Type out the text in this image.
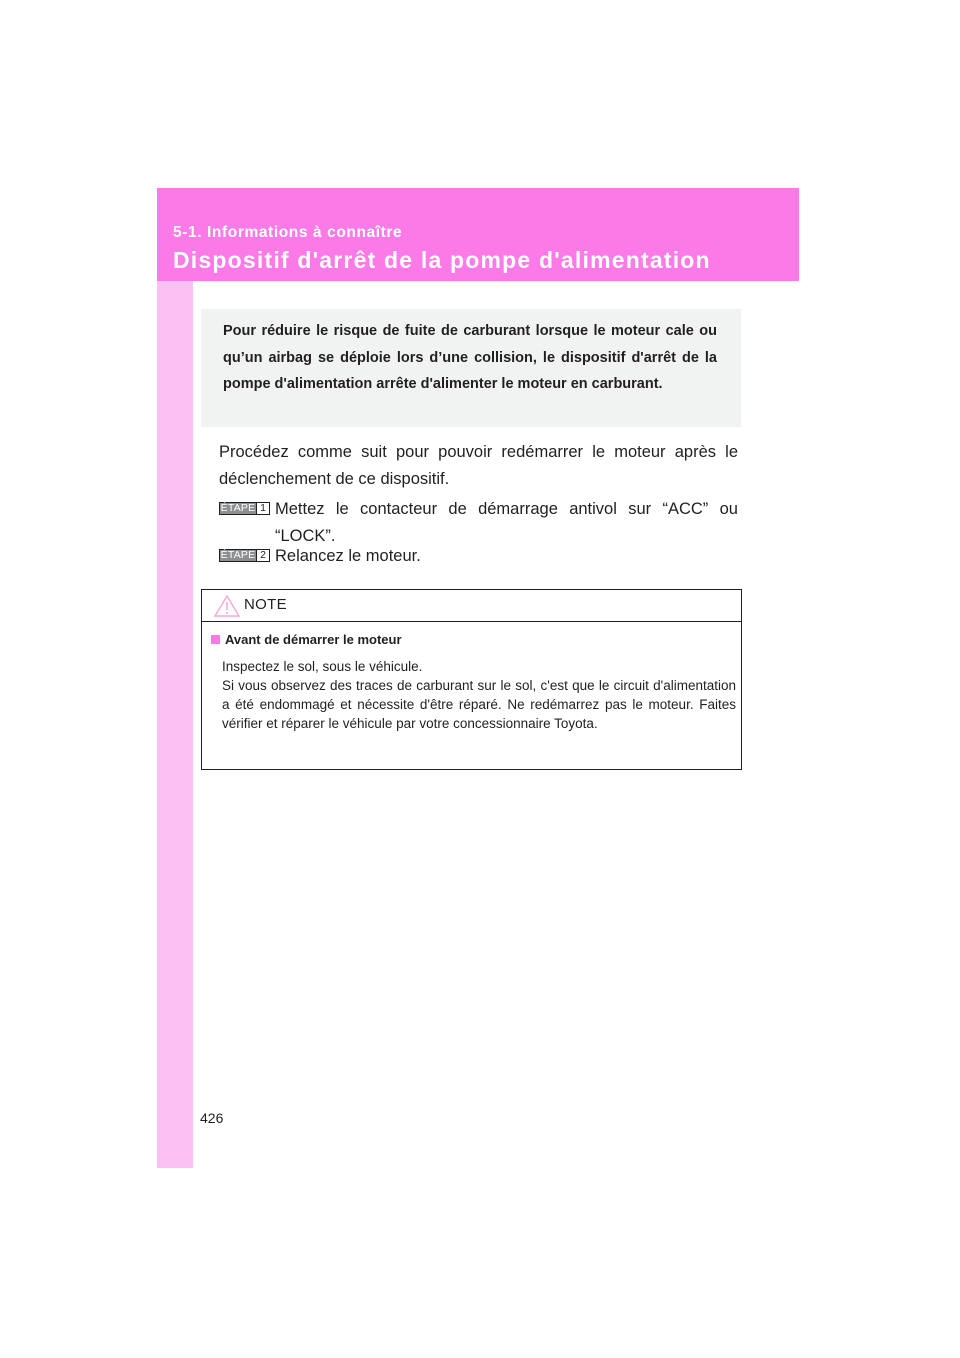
5-1. Informations à connaître
Dispositif d'arrêt de la pompe d'alimentation

Pour réduire le risque de fuite de carburant lorsque le moteur cale ou qu’un airbag se déploie lors d’une collision, le dispositif d'arrêt de la pompe d'alimentation arrête d'alimenter le moteur en carburant.

Procédez comme suit pour pouvoir redémarrer le moteur après le déclenchement de ce dispositif.

ÉTAPE 1 Mettez le contacteur de démarrage antivol sur “ACC” ou “LOCK”.
ÉTAPE 2 Relancez le moteur.
NOTE
Avant de démarrer le moteur

Inspectez le sol, sous le véhicule.
Si vous observez des traces de carburant sur le sol, c'est que le circuit d'alimentation a été endommagé et nécessite d'être réparé. Ne redémarrez pas le moteur. Faites vérifier et réparer le véhicule par votre concessionnaire Toyota.

426
